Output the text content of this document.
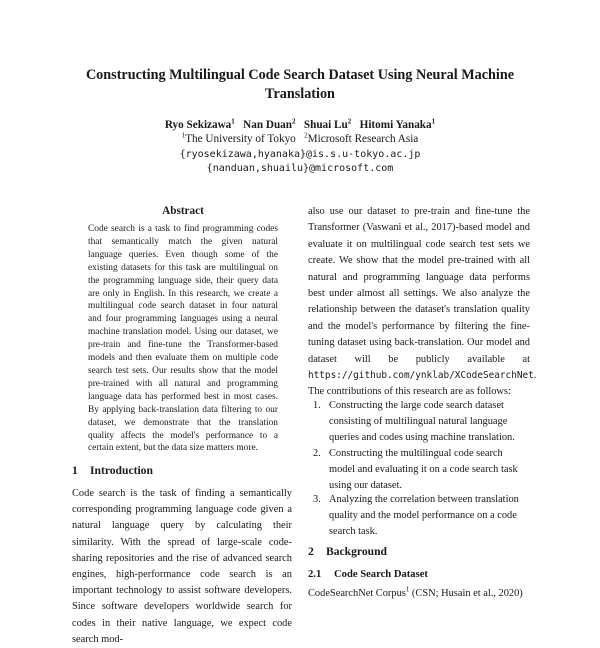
Constructing Multilingual Code Search Dataset Using Neural Machine Translation
Ryo Sekizawa$^1$ Nan Duan$^2$ Shuai Lu$^2$ Hitomi Yanaka$^1$
$^1$The University of Tokyo $^2$Microsoft Research Asia
{ryosekizawa,hyanaka}@is.s.u-tokyo.ac.jp
{nanduan,shuailu}@microsoft.com
Abstract
Code search is a task to find programming codes that semantically match the given natural language queries. Even though some of the existing datasets for this task are multilingual on the programming language side, their query data are only in English. In this research, we create a multilingual code search dataset in four natural and four programming languages using a neural machine translation model. Using our dataset, we pre-train and fine-tune the Transformer-based models and then evaluate them on multiple code search test sets. Our results show that the model pre-trained with all natural and programming language data has performed best in most cases. By applying back-translation data filtering to our dataset, we demonstrate that the translation quality affects the model's performance to a certain extent, but the data size matters more.
1 Introduction
Code search is the task of finding a semantically corresponding programming language code given a natural language query by calculating their similarity. With the spread of large-scale code-sharing repositories and the rise of advanced search engines, high-performance code search is an important technology to assist software developers. Since software developers worldwide search for codes in their native language, we expect code search mod-
also use our dataset to pre-train and fine-tune the Transformer (Vaswani et al., 2017)-based model and evaluate it on multilingual code search test sets we create. We show that the model pre-trained with all natural and programming language data performs best under almost all settings. We also analyze the relationship between the dataset's translation quality and the model's performance by filtering the fine-tuning dataset using back-translation. Our model and dataset will be publicly available at https://github.com/ynklab/XCodeSearchNet. The contributions of this research are as follows:
1. Constructing the large code search dataset consisting of multilingual natural language queries and codes using machine translation.
2. Constructing the multilingual code search model and evaluating it on a code search task using our dataset.
3. Analyzing the correlation between translation quality and the model performance on a code search task.
2 Background
2.1 Code Search Dataset
CodeSearchNet Corpus$^1$ (CSN; Husain et al., 2020)
